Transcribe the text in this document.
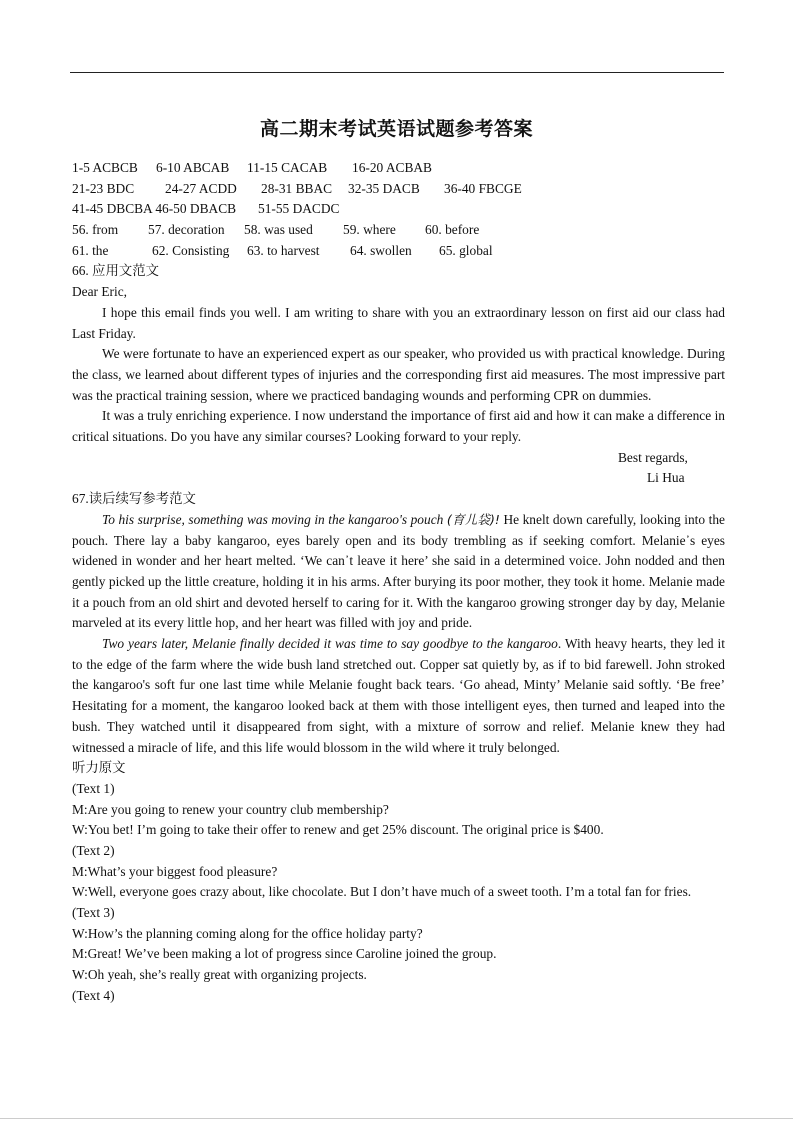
高二期末考试英语试题参考答案
1-5 ACBCB 6-10 ABCAB 11-15 CACAB 16-20 ACBAB
21-23 BDC 24-27 ACDD 28-31 BBAC 32-35 DACB 36-40 FBCGE
41-45 DBCBA 46-50 DBACB 51-55 DACDC
56. from 57. decoration 58. was used 59. where 60. before
61. the	62. Consisting 63. to harvest 64. swollen 65. global
66. 应用文范文
Dear Eric,
I hope this email finds you well. I am writing to share with you an extraordinary lesson on first aid our class had Last Friday.
We were fortunate to have an experienced expert as our speaker, who provided us with practical knowledge. During the class, we learned about different types of injuries and the corresponding first aid measures. The most impressive part was the practical training session, where we practiced bandaging wounds and performing CPR on dummies.
It was a truly enriching experience. I now understand the importance of first aid and how it can make a difference in critical situations. Do you have any similar courses? Looking forward to your reply.
Best regards,
Li Hua
67.读后续写参考范文
To his surprise, something was moving in the kangaroo's pouch (育儿袋)! He knelt down carefully, looking into the pouch. There lay a baby kangaroo, eyes barely open and its body trembling as if seeking comfort. Melanie᾽s eyes widened in wonder and her heart melted. ‘We can᾽t leave it here’ she said in a determined voice. John nodded and then gently picked up the little creature, holding it in his arms. After burying its poor mother, they took it home. Melanie made it a pouch from an old shirt and devoted herself to caring for it. With the kangaroo growing stronger day by day, Melanie marveled at its every little hop, and her heart was filled with joy and pride.
Two years later, Melanie finally decided it was time to say goodbye to the kangaroo. With heavy hearts, they led it to the edge of the farm where the wide bush land stretched out. Copper sat quietly by, as if to bid farewell. John stroked the kangaroo's soft fur one last time while Melanie fought back tears. ‘Go ahead, Minty’ Melanie said softly. ‘Be free’ Hesitating for a moment, the kangaroo looked back at them with those intelligent eyes, then turned and leaped into the bush. They watched until it disappeared from sight, with a mixture of sorrow and relief. Melanie knew they had witnessed a miracle of life, and this life would blossom in the wild where it truly belonged.
听力原文
(Text 1)
M:Are you going to renew your country club membership?
W:You bet! I’m going to take their offer to renew and get 25% discount. The original price is $400.
(Text 2)
M:What’s your biggest food pleasure?
W:Well, everyone goes crazy about, like chocolate. But I don’t have much of a sweet tooth. I’m a total fan for fries.
(Text 3)
W:How’s the planning coming along for the office holiday party?
M:Great! We’ve been making a lot of progress since Caroline joined the group.
W:Oh yeah, she’s really great with organizing projects.
(Text 4)
